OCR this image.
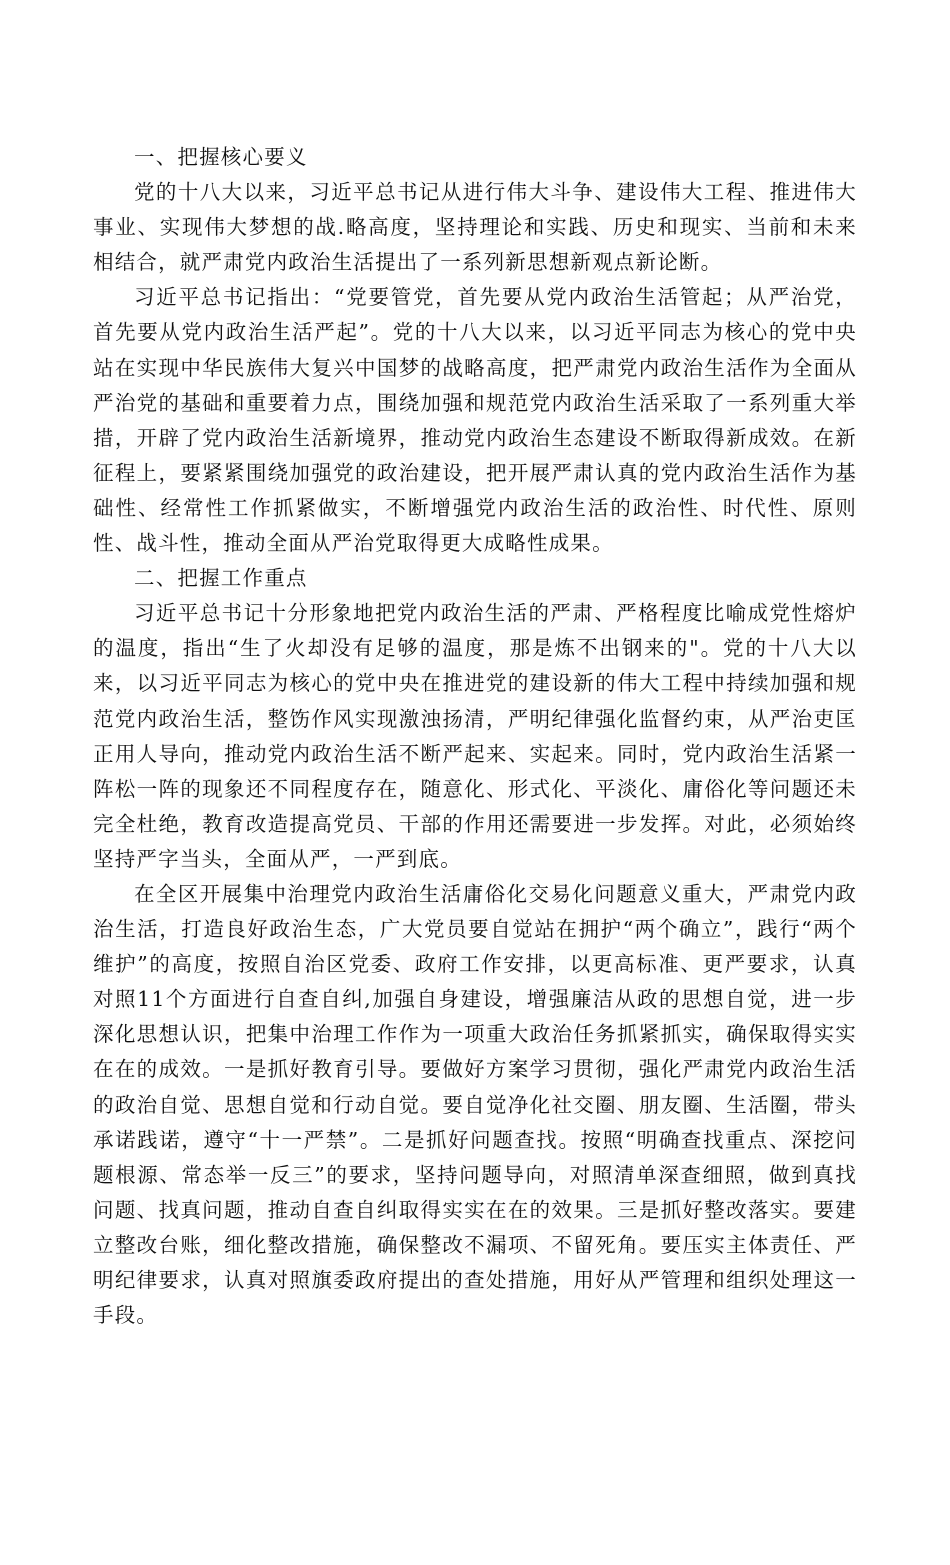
一、把握核心要义

党的十八大以来，习近平总书记从进行伟大斗争、建设伟大工程、推进伟大事业、实现伟大梦想的战.略高度，坚持理论和实践、历史和现实、当前和未来相结合，就严肃党内政治生活提出了一系列新思想新观点新论断。

习近平总书记指出：“党要管党，首先要从党内政治生活管起；从严治党，首先要从党内政治生活严起”。党的十八大以来，以习近平同志为核心的党中央站在实现中华民族伟大复兴中国梦的战略高度，把严肃党内政治生活作为全面从严治党的基础和重要着力点，围绕加强和规范党内政治生活采取了一系列重大举措，开辟了党内政治生活新境界，推动党内政治生态建设不断取得新成效。在新征程上，要紧紧围绕加强党的政治建设，把开展严肃认真的党内政治生活作为基础性、经常性工作抓紧做实，不断增强党内政治生活的政治性、时代性、原则性、战斗性，推动全面从严治党取得更大成略性成果。

二、把握工作重点

习近平总书记十分形象地把党内政治生活的严肃、严格程度比喻成党性熔炉的温度，指出“生了火却没有足够的温度，那是炼不出钢来的"。党的十八大以来，以习近平同志为核心的党中央在推进党的建设新的伟大工程中持续加强和规范党内政治生活，整饬作风实现激浊扬清，严明纪律强化监督约束，从严治吏匡正用人导向，推动党内政治生活不断严起来、实起来。同时，党内政治生活紧一阵松一阵的现象还不同程度存在，随意化、形式化、平淡化、庸俗化等问题还未完全杜绝，教育改造提高党员、干部的作用还需要进一步发挥。对此，必须始终坚持严字当头，全面从严，一严到底。

在全区开展集中治理党内政治生活庸俗化交易化问题意义重大，严肃党内政治生活，打造良好政治生态，广大党员要自觉站在拥护“两个确立”，践行“两个维护”的高度，按照自治区党委、政府工作安排，以更高标准、更严要求，认真对照11个方面进行自查自纠,加强自身建设，增强廉洁从政的思想自觉，进一步深化思想认识，把集中治理工作作为一项重大政治任务抓紧抓实，确保取得实实在在的成效。一是抓好教育引导。要做好方案学习贯彻，强化严肃党内政治生活的政治自觉、思想自觉和行动自觉。要自觉净化社交圈、朋友圈、生活圈，带头承诺践诺，遵守“十一严禁”。二是抓好问题查找。按照“明确查找重点、深挖问题根源、常态举一反三”的要求，坚持问题导向，对照清单深查细照，做到真找问题、找真问题，推动自查自纠取得实实在在的效果。三是抓好整改落实。要建立整改台账，细化整改措施，确保整改不漏项、不留死角。要压实主体责任、严明纪律要求，认真对照旗委政府提出的查处措施，用好从严管理和组织处理这一手段。
